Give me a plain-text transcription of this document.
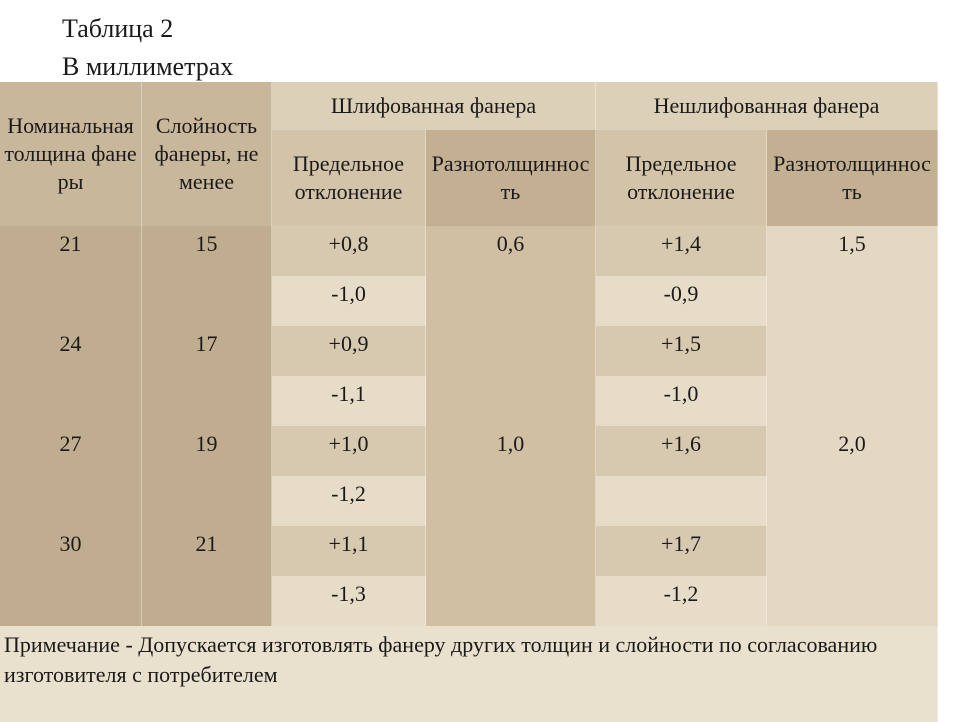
Таблица 2
В миллиметрах
Номинальная толщина фанеры	Слойность фанеры, не менее	Шлифованная фанера		Нешлифованная фанера	

		Предельное отклонение	Разнотолщинность	Предельное отклонение	Разнотолщинность

21	15	+0,8	0,6	+1,4	1,5

		-1,0		-0,9	

24	17	+0,9		+1,5	

		-1,1		-1,0	

27	19	+1,0	1,0	+1,6	2,0

		-1,2			

30	21	+1,1		+1,7	

		-1,3		-1,2	

Примечание - Допускается изготовлять фанеру других толщин и слойности по согласованию изготовителя с потребителем					
